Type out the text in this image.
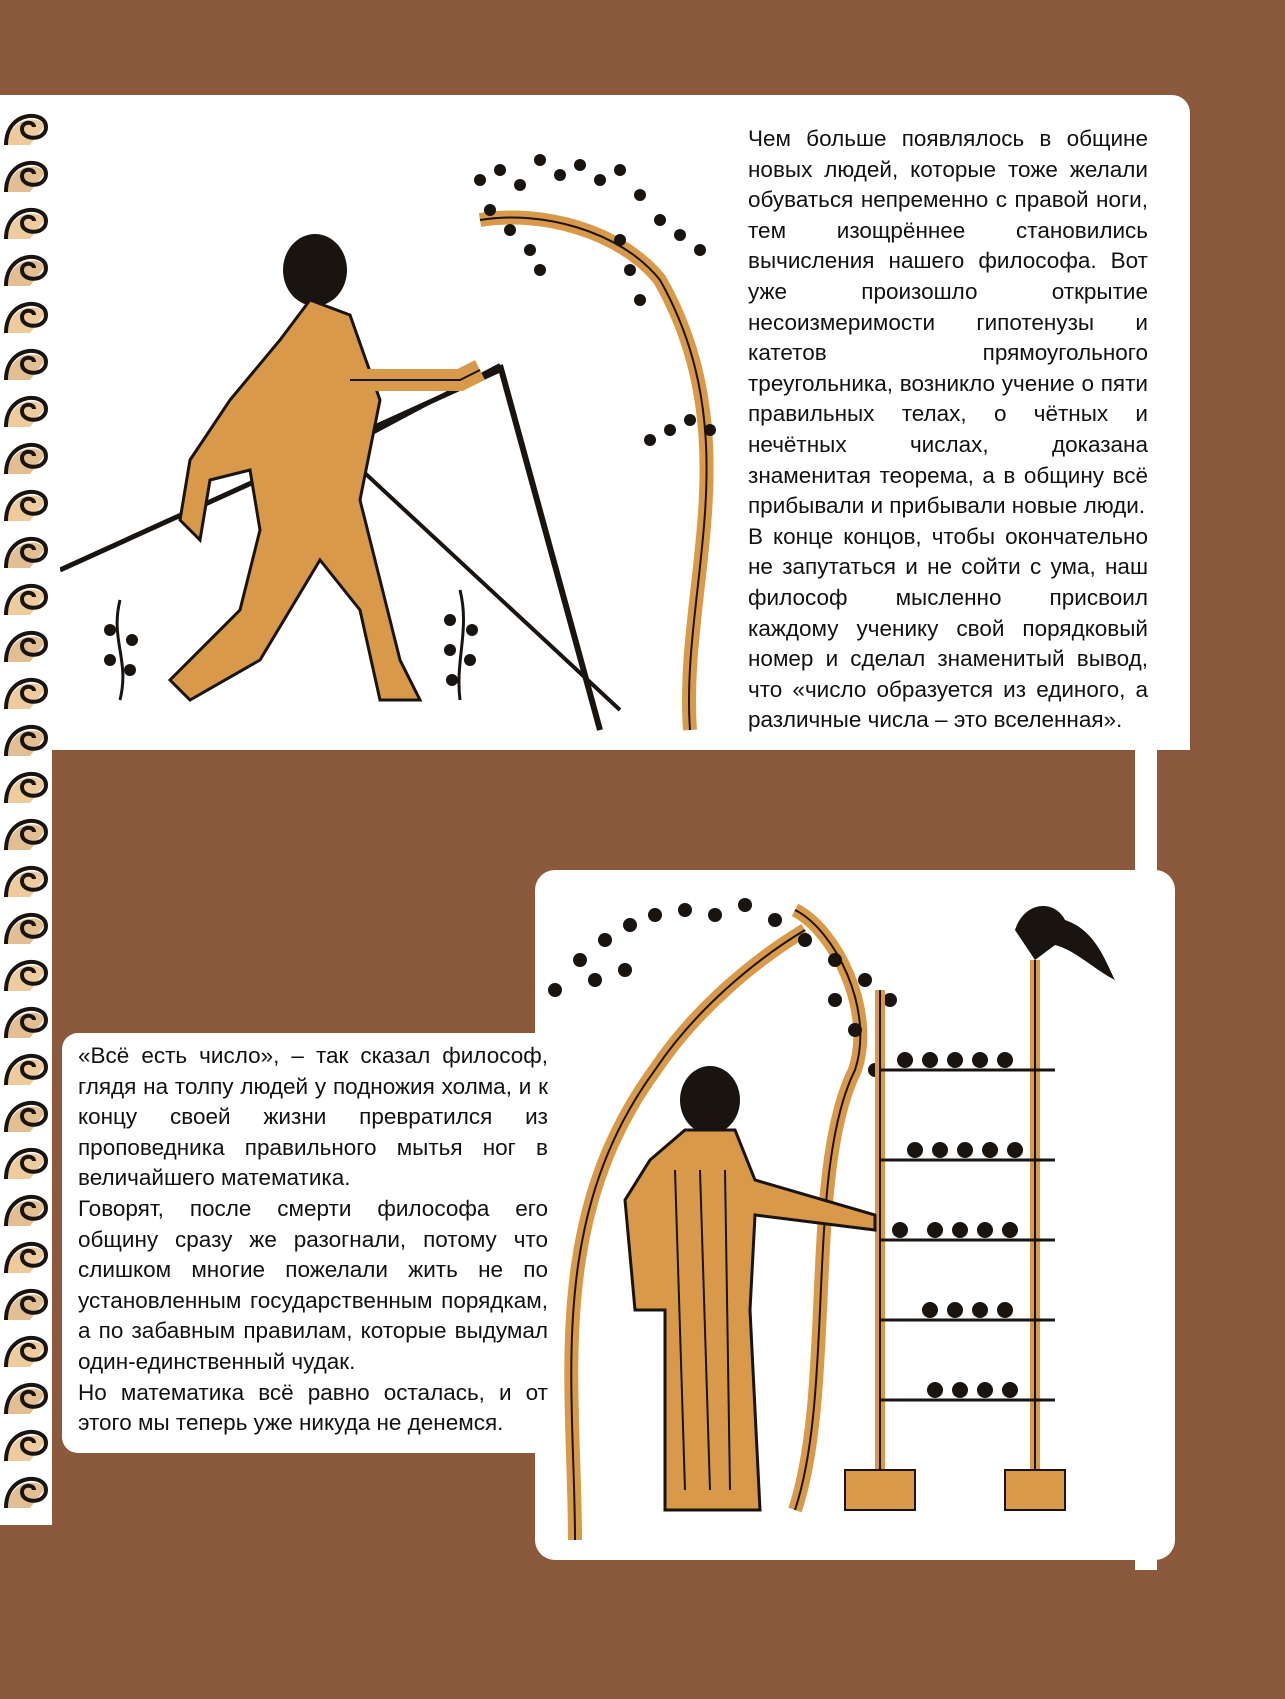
Чем больше появлялось в общине новых людей, которые тоже желали обуваться непременно с правой ноги, тем изощрённее становились вычисления нашего философа. Вот уже произошло открытие несоизмеримости гипотенузы и катетов прямоугольного треугольника, возникло учение о пяти правильных телах, о чётных и нечётных числах, доказана знаменитая теорема, а в общину всё прибывали и прибывали новые люди.

В конце концов, чтобы окончательно не запутаться и не сойти с ума, наш философ мысленно присвоил каждому ученику свой порядковый номер и сделал знаменитый вывод, что «число образуется из единого, а различные числа – это вселенная».

«Всё есть число», – так сказал философ, глядя на толпу людей у подножия холма, и к концу своей жизни превратился из проповедника правильного мытья ног в величайшего математика.

Говорят, после смерти философа его общину сразу же разогнали, потому что слишком многие пожелали жить не по установленным государственным порядкам, а по забавным правилам, которые выдумал один-единственный чудак.

Но математика всё равно осталась, и от этого мы теперь уже никуда не денемся.
